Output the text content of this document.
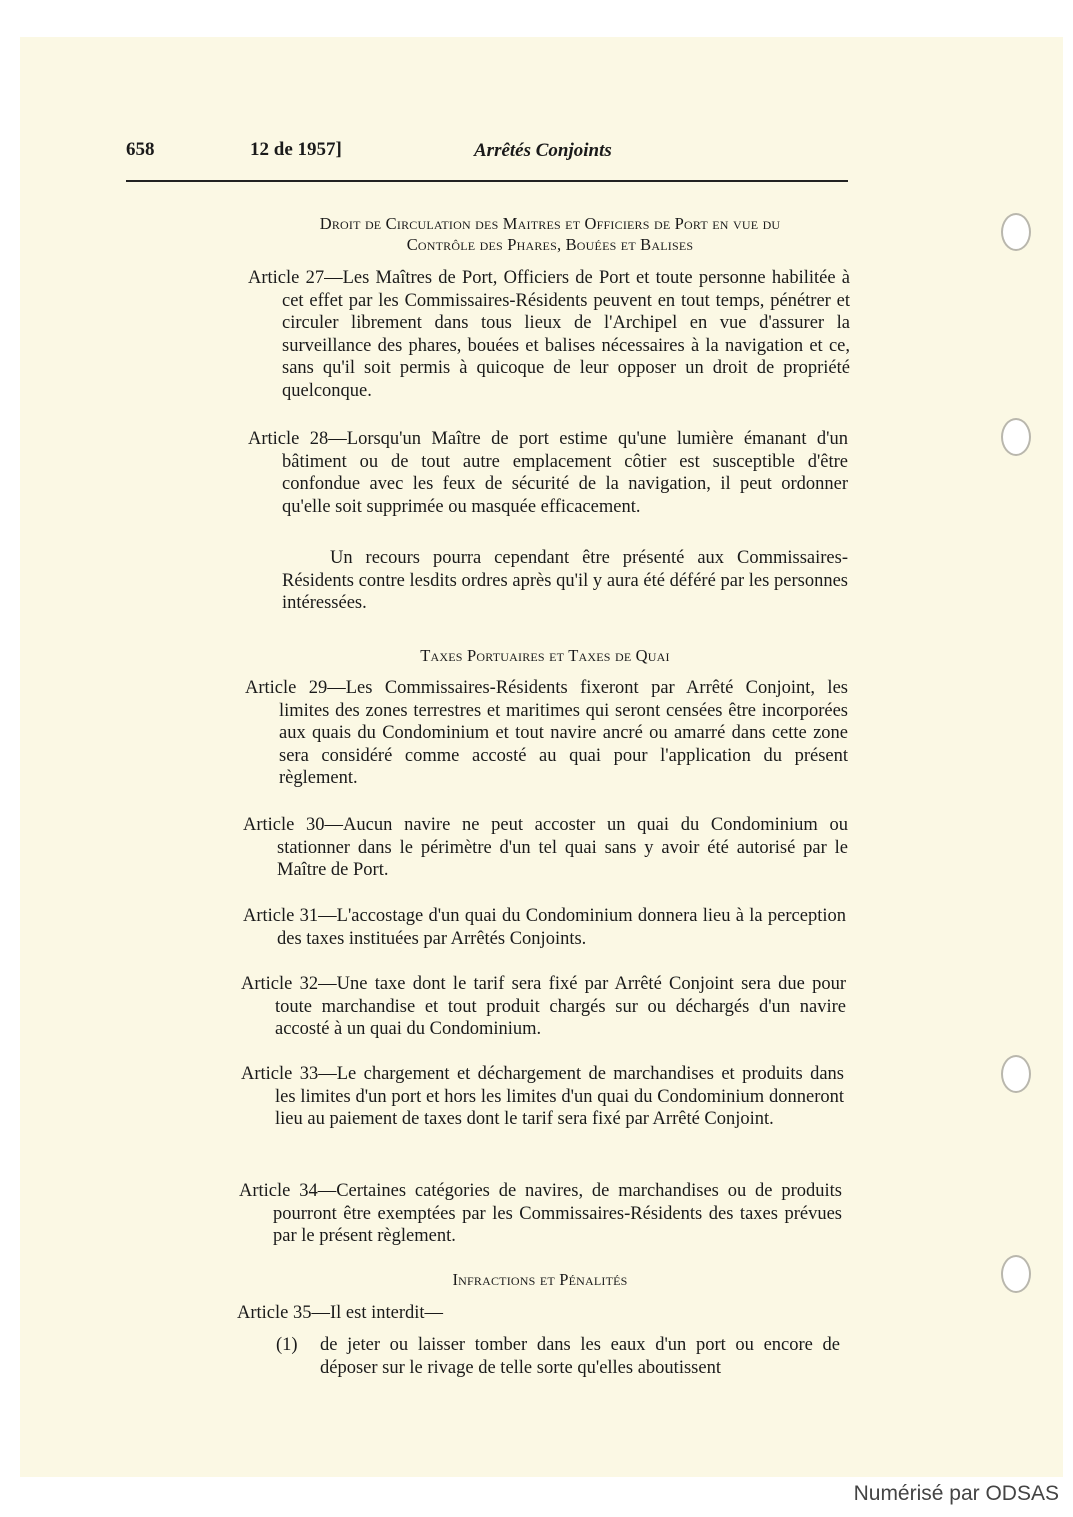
658	12 de 1957]	Arrêtés Conjoints
Droit de Circulation des Maitres et Officiers de Port en vue du
Contrôle des Phares, Bouées et Balises
Article 27—Les Maîtres de Port, Officiers de Port et toute personne habilitée à cet effet par les Commissaires-Résidents peuvent en tout temps, pénétrer et circuler librement dans tous lieux de l'Archipel en vue d'assurer la surveillance des phares, bouées et balises nécessaires à la navigation et ce, sans qu'il soit permis à quicoque de leur opposer un droit de propriété quelconque.
Article 28—Lorsqu'un Maître de port estime qu'une lumière émanant d'un bâtiment ou de tout autre emplacement côtier est susceptible d'être confondue avec les feux de sécurité de la navigation, il peut ordonner qu'elle soit supprimée ou masquée efficacement.
Un recours pourra cependant être présenté aux Commissaires-Résidents contre lesdits ordres après qu'il y aura été déféré par les personnes intéressées.
Taxes Portuaires et Taxes de Quai
Article 29—Les Commissaires-Résidents fixeront par Arrêté Conjoint, les limites des zones terrestres et maritimes qui seront censées être incorporées aux quais du Condominium et tout navire ancré ou amarré dans cette zone sera considéré comme accosté au quai pour l'application du présent règlement.
Article 30—Aucun navire ne peut accoster un quai du Condominium ou stationner dans le périmètre d'un tel quai sans y avoir été autorisé par le Maître de Port.
Article 31—L'accostage d'un quai du Condominium donnera lieu à la perception des taxes instituées par Arrêtés Conjoints.
Article 32—Une taxe dont le tarif sera fixé par Arrêté Conjoint sera due pour toute marchandise et tout produit chargés sur ou déchargés d'un navire accosté à un quai du Condominium.
Article 33—Le chargement et déchargement de marchandises et produits dans les limites d'un port et hors les limites d'un quai du Condominium donneront lieu au paiement de taxes dont le tarif sera fixé par Arrêté Conjoint.
Article 34—Certaines catégories de navires, de marchandises ou de produits pourront être exemptées par les Commissaires-Résidents des taxes prévues par le présent règlement.
Infractions et Pénalités
Article 35—Il est interdit—
(1) de jeter ou laisser tomber dans les eaux d'un port ou encore de déposer sur le rivage de telle sorte qu'elles aboutissent
Numérisé par ODSAS
